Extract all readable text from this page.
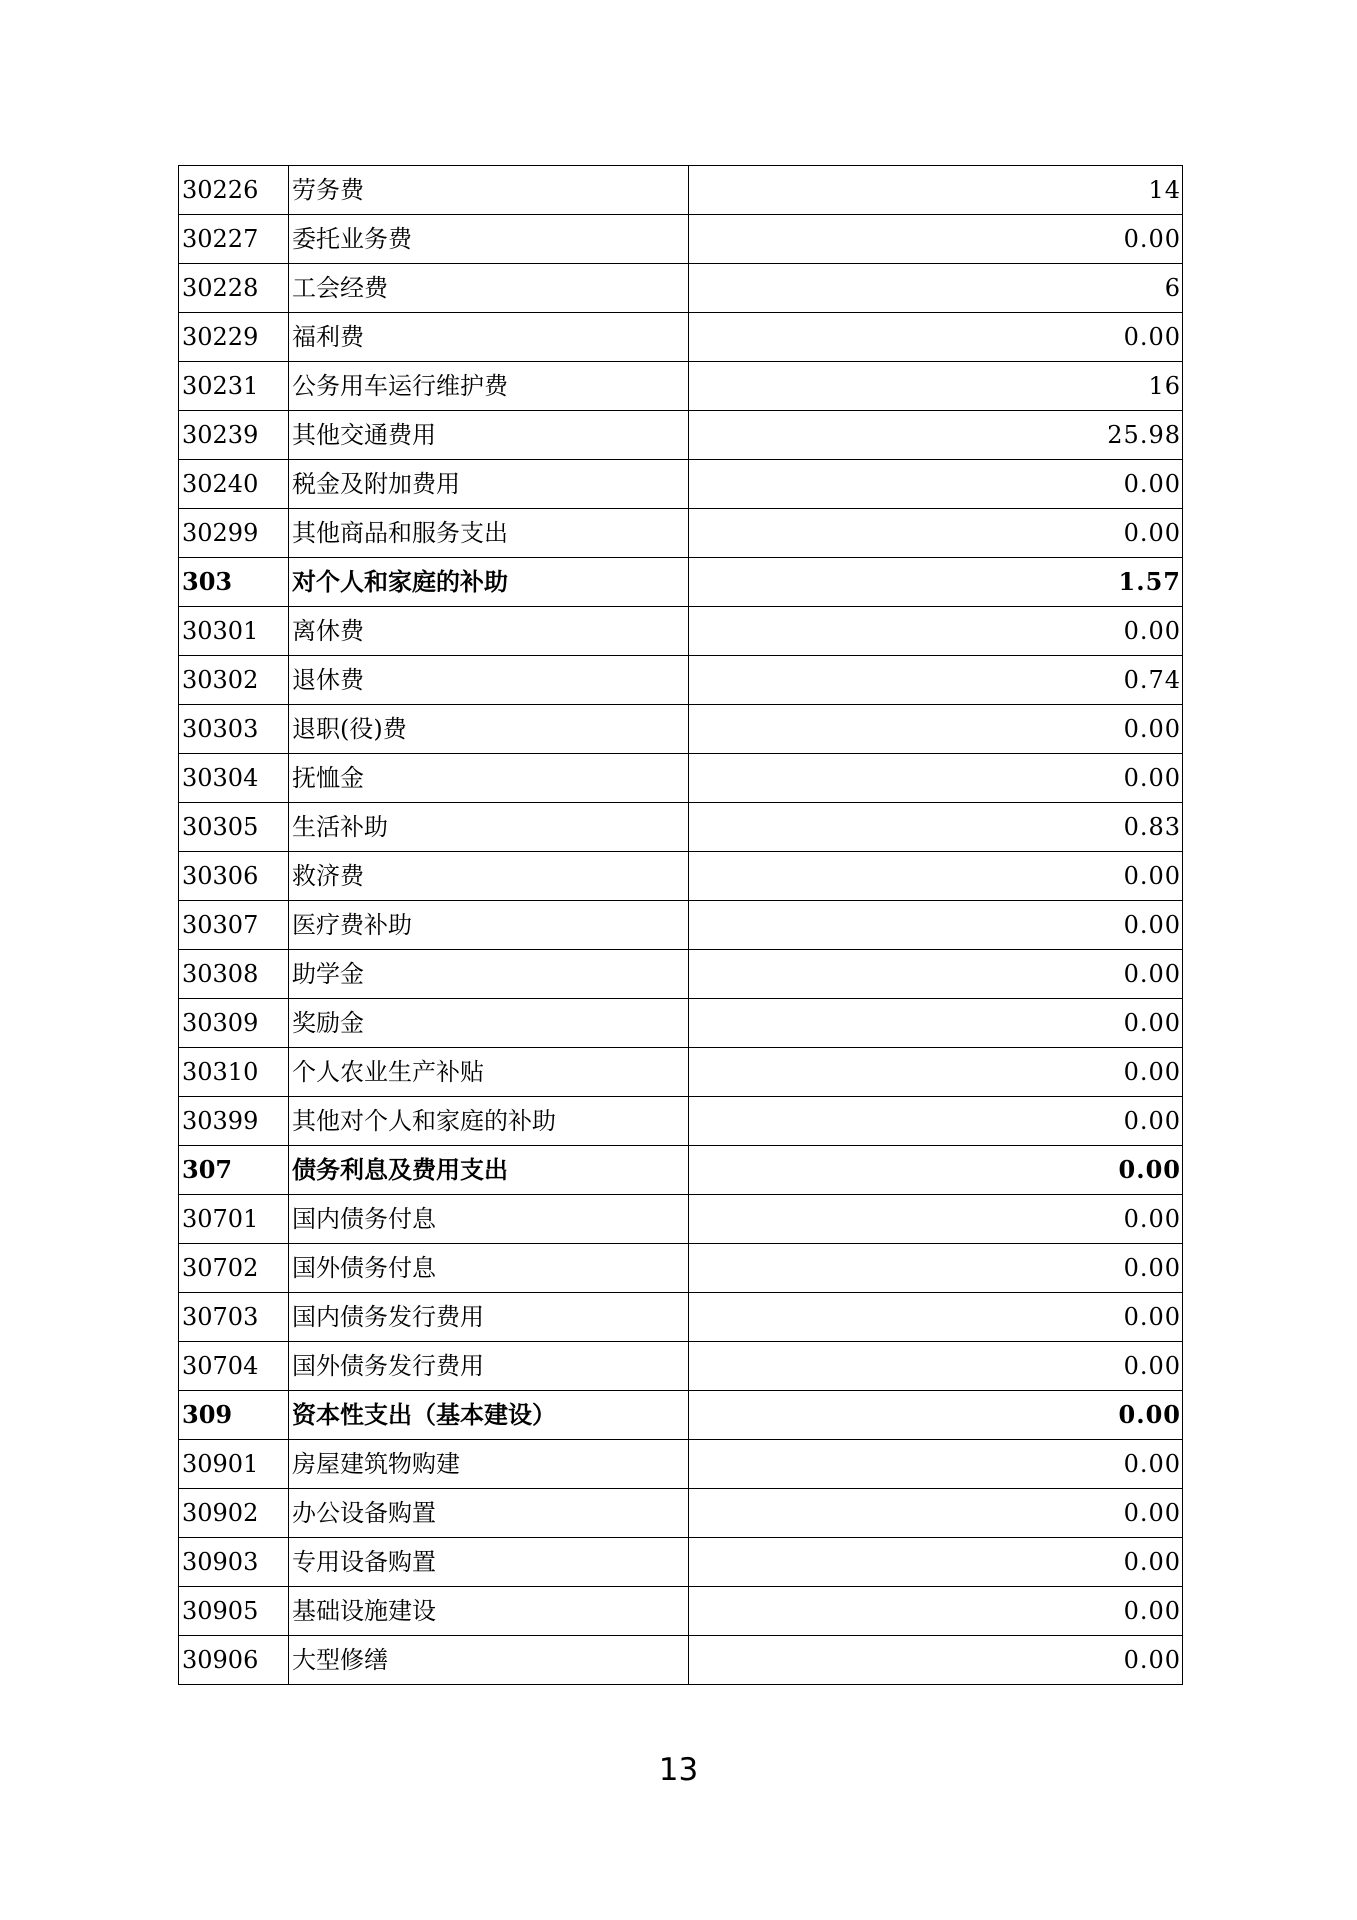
30226	劳务费	14
30227	委托业务费	0.00
30228	工会经费	6
30229	福利费	0.00
30231	公务用车运行维护费	16
30239	其他交通费用	25.98
30240	税金及附加费用	0.00
30299	其他商品和服务支出	0.00
303	对个人和家庭的补助	1.57
30301	离休费	0.00
30302	退休费	0.74
30303	退职(役)费	0.00
30304	抚恤金	0.00
30305	生活补助	0.83
30306	救济费	0.00
30307	医疗费补助	0.00
30308	助学金	0.00
30309	奖励金	0.00
30310	个人农业生产补贴	0.00
30399	其他对个人和家庭的补助	0.00
307	债务利息及费用支出	0.00
30701	国内债务付息	0.00
30702	国外债务付息	0.00
30703	国内债务发行费用	0.00
30704	国外债务发行费用	0.00
309	资本性支出（基本建设）	0.00
30901	房屋建筑物购建	0.00
30902	办公设备购置	0.00
30903	专用设备购置	0.00
30905	基础设施建设	0.00
30906	大型修缮	0.00
13
